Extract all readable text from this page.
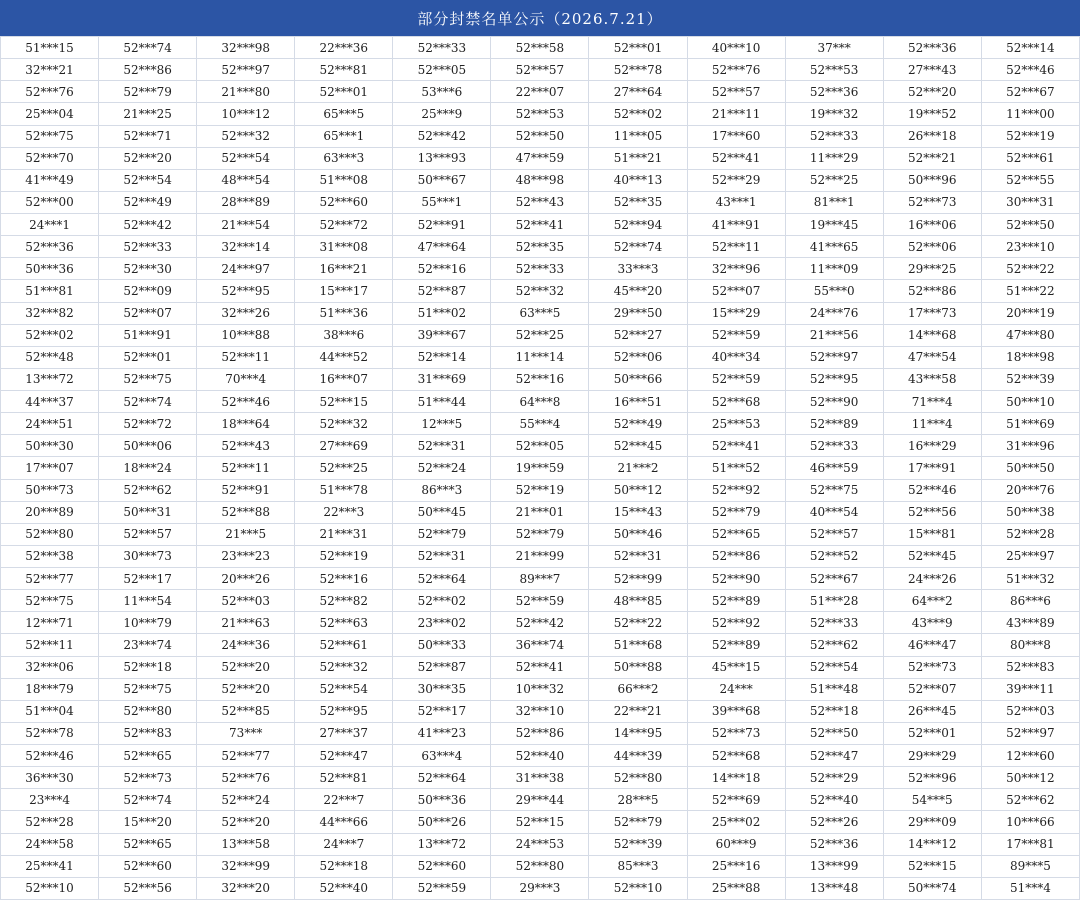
部分封禁名单公示（2026.7.21）
51***15	52***74	32***98	22***36	52***33	52***58	52***01	40***10	37***	52***36	52***14
32***21	52***86	52***97	52***81	52***05	52***57	52***78	52***76	52***53	27***43	52***46
52***76	52***79	21***80	52***01	53***6	22***07	27***64	52***57	52***36	52***20	52***67
25***04	21***25	10***12	65***5	25***9	52***53	52***02	21***11	19***32	19***52	11***00
52***75	52***71	52***32	65***1	52***42	52***50	11***05	17***60	52***33	26***18	52***19
52***70	52***20	52***54	63***3	13***93	47***59	51***21	52***41	11***29	52***21	52***61
41***49	52***54	48***54	51***08	50***67	48***98	40***13	52***29	52***25	50***96	52***55
52***00	52***49	28***89	52***60	55***1	52***43	52***35	43***1	81***1	52***73	30***31
24***1	52***42	21***54	52***72	52***91	52***41	52***94	41***91	19***45	16***06	52***50
52***36	52***33	32***14	31***08	47***64	52***35	52***74	52***11	41***65	52***06	23***10
50***36	52***30	24***97	16***21	52***16	52***33	33***3	32***96	11***09	29***25	52***22
51***81	52***09	52***95	15***17	52***87	52***32	45***20	52***07	55***0	52***86	51***22
32***82	52***07	32***26	51***36	51***02	63***5	29***50	15***29	24***76	17***73	20***19
52***02	51***91	10***88	38***6	39***67	52***25	52***27	52***59	21***56	14***68	47***80
52***48	52***01	52***11	44***52	52***14	11***14	52***06	40***34	52***97	47***54	18***98
13***72	52***75	70***4	16***07	31***69	52***16	50***66	52***59	52***95	43***58	52***39
44***37	52***74	52***46	52***15	51***44	64***8	16***51	52***68	52***90	71***4	50***10
24***51	52***72	18***64	52***32	12***5	55***4	52***49	25***53	52***89	11***4	51***69
50***30	50***06	52***43	27***69	52***31	52***05	52***45	52***41	52***33	16***29	31***96
17***07	18***24	52***11	52***25	52***24	19***59	21***2	51***52	46***59	17***91	50***50
50***73	52***62	52***91	51***78	86***3	52***19	50***12	52***92	52***75	52***46	20***76
20***89	50***31	52***88	22***3	50***45	21***01	15***43	52***79	40***54	52***56	50***38
52***80	52***57	21***5	21***31	52***79	52***79	50***46	52***65	52***57	15***81	52***28
52***38	30***73	23***23	52***19	52***31	21***99	52***31	52***86	52***52	52***45	25***97
52***77	52***17	20***26	52***16	52***64	89***7	52***99	52***90	52***67	24***26	51***32
52***75	11***54	52***03	52***82	52***02	52***59	48***85	52***89	51***28	64***2	86***6
12***71	10***79	21***63	52***63	23***02	52***42	52***22	52***92	52***33	43***9	43***89
52***11	23***74	24***36	52***61	50***33	36***74	51***68	52***89	52***62	46***47	80***8
32***06	52***18	52***20	52***32	52***87	52***41	50***88	45***15	52***54	52***73	52***83
18***79	52***75	52***20	52***54	30***35	10***32	66***2	24***	51***48	52***07	39***11
51***04	52***80	52***85	52***95	52***17	32***10	22***21	39***68	52***18	26***45	52***03
52***78	52***83	73***	27***37	41***23	52***86	14***95	52***73	52***50	52***01	52***97
52***46	52***65	52***77	52***47	63***4	52***40	44***39	52***68	52***47	29***29	12***60
36***30	52***73	52***76	52***81	52***64	31***38	52***80	14***18	52***29	52***96	50***12
23***4	52***74	52***24	22***7	50***36	29***44	28***5	52***69	52***40	54***5	52***62
52***28	15***20	52***20	44***66	50***26	52***15	52***79	25***02	52***26	29***09	10***66
24***58	52***65	13***58	24***7	13***72	24***53	52***39	60***9	52***36	14***12	17***81
25***41	52***60	32***99	52***18	52***60	52***80	85***3	25***16	13***99	52***15	89***5
52***10	52***56	32***20	52***40	52***59	29***3	52***10	25***88	13***48	50***74	51***4
